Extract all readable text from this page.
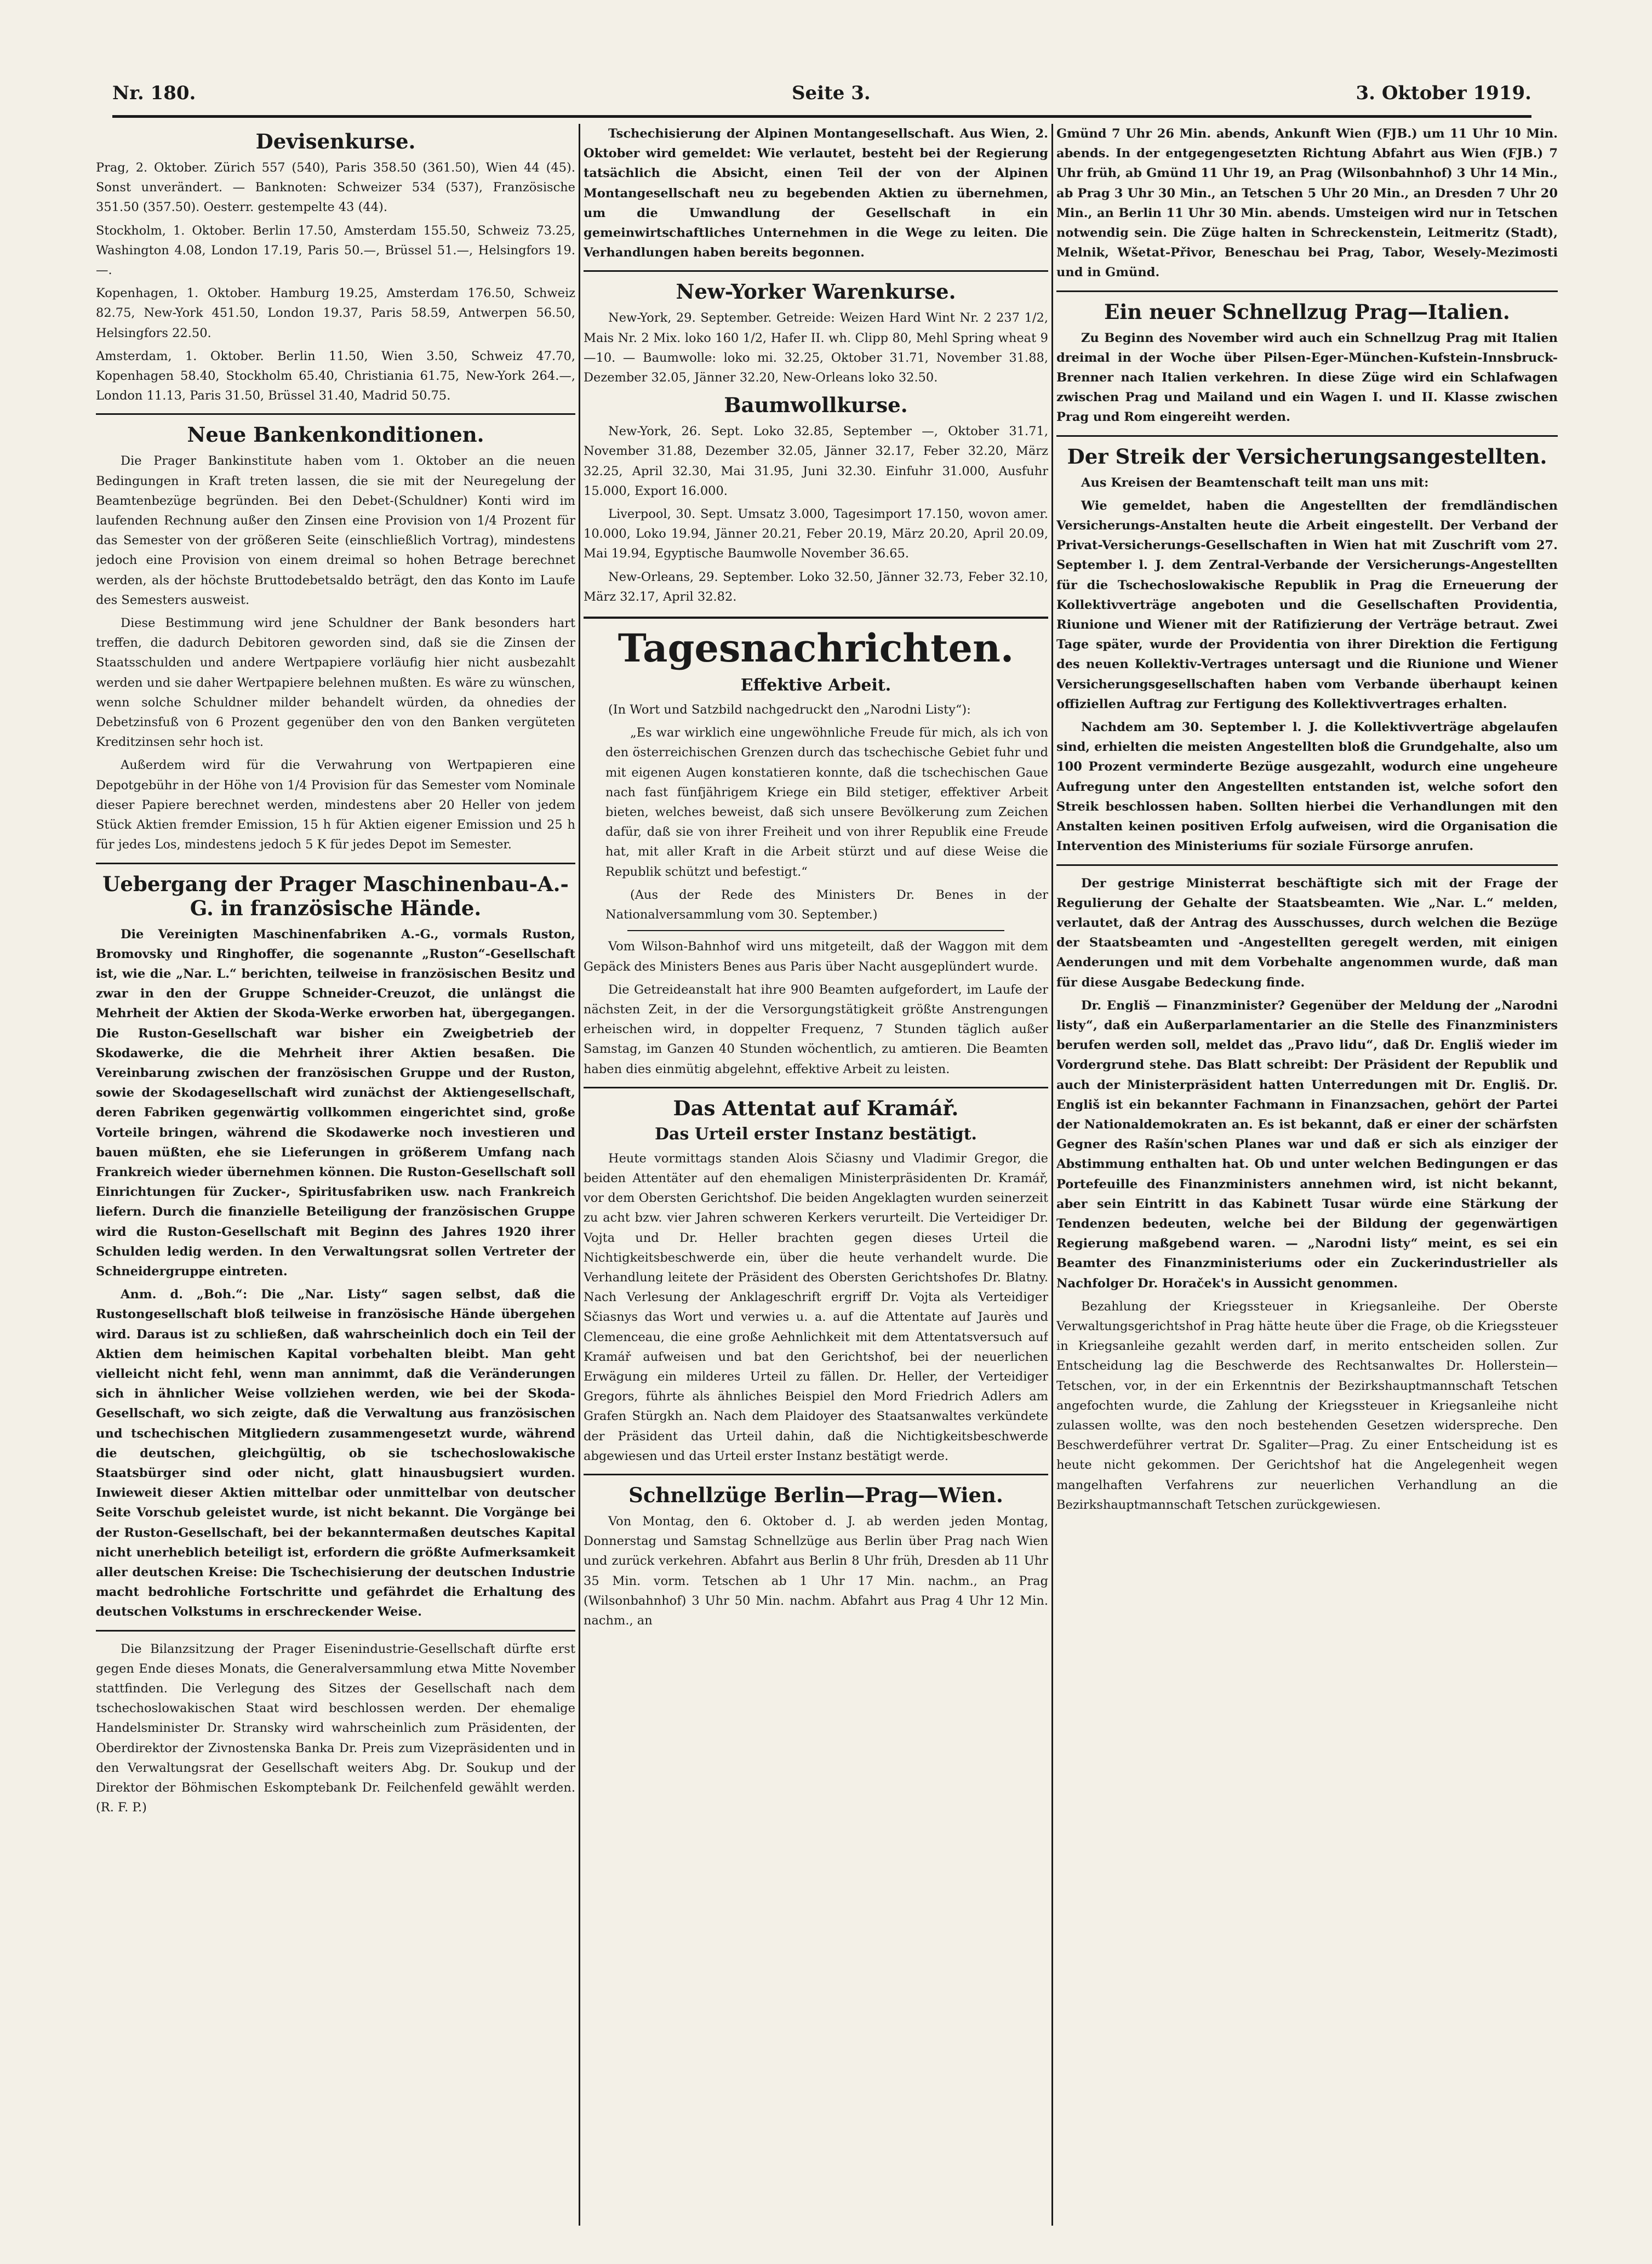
Nr. 180.	Seite 3.	3. Oktober 1919.
Devisenkurse.

Prag, 2. Oktober. Zürich 557 (540), Paris 358.50 (361.50), Wien 44 (45). Sonst unverändert. — Banknoten: Schweizer 534 (537), Französische 351.50 (357.50). Oesterr. gestempelte 43 (44).

Stockholm, 1. Oktober. Berlin 17.50, Amsterdam 155.50, Schweiz 73.25, Washington 4.08, London 17.19, Paris 50.—, Brüssel 51.—, Helsingfors 19.—.

Kopenhagen, 1. Oktober. Hamburg 19.25, Amsterdam 176.50, Schweiz 82.75, New-York 451.50, London 19.37, Paris 58.59, Antwerpen 56.50, Helsingfors 22.50.

Amsterdam, 1. Oktober. Berlin 11.50, Wien 3.50, Schweiz 47.70, Kopenhagen 58.40, Stockholm 65.40, Christiania 61.75, New-York 264.—, London 11.13, Paris 31.50, Brüssel 31.40, Madrid 50.75.

Neue Bankenkonditionen.

Die Prager Bankinstitute haben vom 1. Oktober an die neuen Bedingungen in Kraft treten lassen, die sie mit der Neuregelung der Beamtenbezüge begründen. Bei den Debet-(Schuldner) Konti wird im laufenden Rechnung außer den Zinsen eine Provision von 1/4 Prozent für das Semester von der größeren Seite (einschließlich Vortrag), mindestens jedoch eine Provision von einem dreimal so hohen Betrage berechnet werden, als der höchste Bruttodebetsaldo beträgt, den das Konto im Laufe des Semesters ausweist.

Diese Bestimmung wird jene Schuldner der Bank besonders hart treffen, die dadurch Debitoren geworden sind, daß sie die Zinsen der Staatsschulden und andere Wertpapiere vorläufig hier nicht ausbezahlt werden und sie daher Wertpapiere belehnen mußten. Es wäre zu wünschen, wenn solche Schuldner milder behandelt würden, da ohnedies der Debetzinsfuß von 6 Prozent gegenüber den von den Banken vergüteten Kreditzinsen sehr hoch ist.

Außerdem wird für die Verwahrung von Wertpapieren eine Depotgebühr in der Höhe von 1/4 Provision für das Semester vom Nominale dieser Papiere berechnet werden, mindestens aber 20 Heller von jedem Stück Aktien fremder Emission, 15 h für Aktien eigener Emission und 25 h für jedes Los, mindestens jedoch 5 K für jedes Depot im Semester.

Uebergang der Prager Maschinenbau-A.-G. in französische Hände.

Die Vereinigten Maschinenfabriken A.-G., vormals Ruston, Bromovsky und Ringhoffer, die sogenannte „Ruston“-Gesellschaft ist, wie die „Nar. L.“ berichten, teilweise in französischen Besitz und zwar in den der Gruppe Schneider-Creuzot, die unlängst die Mehrheit der Aktien der Skoda-Werke erworben hat, übergegangen. Die Ruston-Gesellschaft war bisher ein Zweigbetrieb der Skodawerke, die die Mehrheit ihrer Aktien besaßen. Die Vereinbarung zwischen der französischen Gruppe und der Ruston, sowie der Skodagesellschaft wird zunächst der Aktiengesellschaft, deren Fabriken gegenwärtig vollkommen eingerichtet sind, große Vorteile bringen, während die Skodawerke noch investieren und bauen müßten, ehe sie Lieferungen in größerem Umfang nach Frankreich wieder übernehmen können. Die Ruston-Gesellschaft soll Einrichtungen für Zucker-, Spiritusfabriken usw. nach Frankreich liefern. Durch die finanzielle Beteiligung der französischen Gruppe wird die Ruston-Gesellschaft mit Beginn des Jahres 1920 ihrer Schulden ledig werden. In den Verwaltungsrat sollen Vertreter der Schneidergruppe eintreten.

Anm. d. „Boh.“: Die „Nar. Listy“ sagen selbst, daß die Rustongesellschaft bloß teilweise in französische Hände übergehen wird. Daraus ist zu schließen, daß wahrscheinlich doch ein Teil der Aktien dem heimischen Kapital vorbehalten bleibt. Man geht vielleicht nicht fehl, wenn man annimmt, daß die Veränderungen sich in ähnlicher Weise vollziehen werden, wie bei der Skoda-Gesellschaft, wo sich zeigte, daß die Verwaltung aus französischen und tschechischen Mitgliedern zusammengesetzt wurde, während die deutschen, gleichgültig, ob sie tschechoslowakische Staatsbürger sind oder nicht, glatt hinausbugsiert wurden. Inwieweit dieser Aktien mittelbar oder unmittelbar von deutscher Seite Vorschub geleistet wurde, ist nicht bekannt. Die Vorgänge bei der Ruston-Gesellschaft, bei der bekanntermaßen deutsches Kapital nicht unerheblich beteiligt ist, erfordern die größte Aufmerksamkeit aller deutschen Kreise: Die Tschechisierung der deutschen Industrie macht bedrohliche Fortschritte und gefährdet die Erhaltung des deutschen Volkstums in erschreckender Weise.

Die Bilanzsitzung der Prager Eisenindustrie-Gesellschaft dürfte erst gegen Ende dieses Monats, die Generalversammlung etwa Mitte November stattfinden. Die Verlegung des Sitzes der Gesellschaft nach dem tschechoslowakischen Staat wird beschlossen werden. Der ehemalige Handelsminister Dr. Stransky wird wahrscheinlich zum Präsidenten, der Oberdirektor der Zivnostenska Banka Dr. Preis zum Vizepräsidenten und in den Verwaltungsrat der Gesellschaft weiters Abg. Dr. Soukup und der Direktor der Böhmischen Eskomptebank Dr. Feilchenfeld gewählt werden. (R. F. P.)

Tschechisierung der Alpinen Montangesellschaft. Aus Wien, 2. Oktober wird gemeldet: Wie verlautet, besteht bei der Regierung tatsächlich die Absicht, einen Teil der von der Alpinen Montangesellschaft neu zu begebenden Aktien zu übernehmen, um die Umwandlung der Gesellschaft in ein gemeinwirtschaftliches Unternehmen in die Wege zu leiten. Die Verhandlungen haben bereits begonnen.

New-Yorker Warenkurse.

New-York, 29. September. Getreide: Weizen Hard Wint Nr. 2 237 1/2, Mais Nr. 2 Mix. loko 160 1/2, Hafer II. wh. Clipp 80, Mehl Spring wheat 9—10. — Baumwolle: loko mi. 32.25, Oktober 31.71, November 31.88, Dezember 32.05, Jänner 32.20, New-Orleans loko 32.50.

Baumwollkurse.

New-York, 26. Sept. Loko 32.85, September —, Oktober 31.71, November 31.88, Dezember 32.05, Jänner 32.17, Feber 32.20, März 32.25, April 32.30, Mai 31.95, Juni 32.30. Einfuhr 31.000, Ausfuhr 15.000, Export 16.000.

Liverpool, 30. Sept. Umsatz 3.000, Tagesimport 17.150, wovon amer. 10.000, Loko 19.94, Jänner 20.21, Feber 20.19, März 20.20, April 20.09, Mai 19.94, Egyptische Baumwolle November 36.65.

New-Orleans, 29. September. Loko 32.50, Jänner 32.73, Feber 32.10, März 32.17, April 32.82.

Tagesnachrichten.
Effektive Arbeit.

(In Wort und Satzbild nachgedruckt den „Narodni Listy“):

„Es war wirklich eine ungewöhnliche Freude für mich, als ich von den österreichischen Grenzen durch das tschechische Gebiet fuhr und mit eigenen Augen konstatieren konnte, daß die tschechischen Gaue nach fast fünfjährigem Kriege ein Bild stetiger, effektiver Arbeit bieten, welches beweist, daß sich unsere Bevölkerung zum Zeichen dafür, daß sie von ihrer Freiheit und von ihrer Republik eine Freude hat, mit aller Kraft in die Arbeit stürzt und auf diese Weise die Republik schützt und befestigt.“

(Aus der Rede des Ministers Dr. Benes in der Nationalversammlung vom 30. September.)

Vom Wilson-Bahnhof wird uns mitgeteilt, daß der Waggon mit dem Gepäck des Ministers Benes aus Paris über Nacht ausgeplündert wurde.

Die Getreideanstalt hat ihre 900 Beamten aufgefordert, im Laufe der nächsten Zeit, in der die Versorgungstätigkeit größte Anstrengungen erheischen wird, in doppelter Frequenz, 7 Stunden täglich außer Samstag, im Ganzen 40 Stunden wöchentlich, zu amtieren. Die Beamten haben dies einmütig abgelehnt, effektive Arbeit zu leisten.

Das Attentat auf Kramář.
Das Urteil erster Instanz bestätigt.

Heute vormittags standen Alois Sčiasny und Vladimir Gregor, die beiden Attentäter auf den ehemaligen Ministerpräsidenten Dr. Kramář, vor dem Obersten Gerichtshof. Die beiden Angeklagten wurden seinerzeit zu acht bzw. vier Jahren schweren Kerkers verurteilt. Die Verteidiger Dr. Vojta und Dr. Heller brachten gegen dieses Urteil die Nichtigkeitsbeschwerde ein, über die heute verhandelt wurde. Die Verhandlung leitete der Präsident des Obersten Gerichtshofes Dr. Blatny. Nach Verlesung der Anklageschrift ergriff Dr. Vojta als Verteidiger Sčiasnys das Wort und verwies u. a. auf die Attentate auf Jaurès und Clemenceau, die eine große Aehnlichkeit mit dem Attentatsversuch auf Kramář aufweisen und bat den Gerichtshof, bei der neuerlichen Erwägung ein milderes Urteil zu fällen. Dr. Heller, der Verteidiger Gregors, führte als ähnliches Beispiel den Mord Friedrich Adlers am Grafen Stürgkh an. Nach dem Plaidoyer des Staatsanwaltes verkündete der Präsident das Urteil dahin, daß die Nichtigkeitsbeschwerde abgewiesen und das Urteil erster Instanz bestätigt werde.

Schnellzüge Berlin—Prag—Wien.

Von Montag, den 6. Oktober d. J. ab werden jeden Montag, Donnerstag und Samstag Schnellzüge aus Berlin über Prag nach Wien und zurück verkehren. Abfahrt aus Berlin 8 Uhr früh, Dresden ab 11 Uhr 35 Min. vorm. Tetschen ab 1 Uhr 17 Min. nachm., an Prag (Wilsonbahnhof) 3 Uhr 50 Min. nachm. Abfahrt aus Prag 4 Uhr 12 Min. nachm., an

Gmünd 7 Uhr 26 Min. abends, Ankunft Wien (FJB.) um 11 Uhr 10 Min. abends. In der entgegengesetzten Richtung Abfahrt aus Wien (FJB.) 7 Uhr früh, ab Gmünd 11 Uhr 19, an Prag (Wilsonbahnhof) 3 Uhr 14 Min., ab Prag 3 Uhr 30 Min., an Tetschen 5 Uhr 20 Min., an Dresden 7 Uhr 20 Min., an Berlin 11 Uhr 30 Min. abends. Umsteigen wird nur in Tetschen notwendig sein. Die Züge halten in Schreckenstein, Leitmeritz (Stadt), Melnik, Wšetat-Přivor, Beneschau bei Prag, Tabor, Wesely-Mezimosti und in Gmünd.

Ein neuer Schnellzug Prag—Italien.

Zu Beginn des November wird auch ein Schnellzug Prag mit Italien dreimal in der Woche über Pilsen-Eger-München-Kufstein-Innsbruck-Brenner nach Italien verkehren. In diese Züge wird ein Schlafwagen zwischen Prag und Mailand und ein Wagen I. und II. Klasse zwischen Prag und Rom eingereiht werden.

Der Streik der Versicherungsangestellten.

Aus Kreisen der Beamtenschaft teilt man uns mit:

Wie gemeldet, haben die Angestellten der fremdländischen Versicherungs-Anstalten heute die Arbeit eingestellt. Der Verband der Privat-Versicherungs-Gesellschaften in Wien hat mit Zuschrift vom 27. September l. J. dem Zentral-Verbande der Versicherungs-Angestellten für die Tschechoslowakische Republik in Prag die Erneuerung der Kollektivverträge angeboten und die Gesellschaften Providentia, Riunione und Wiener mit der Ratifizierung der Verträge betraut. Zwei Tage später, wurde der Providentia von ihrer Direktion die Fertigung des neuen Kollektiv-Vertrages untersagt und die Riunione und Wiener Versicherungsgesellschaften haben vom Verbande überhaupt keinen offiziellen Auftrag zur Fertigung des Kollektivvertrages erhalten.

Nachdem am 30. September l. J. die Kollektivverträge abgelaufen sind, erhielten die meisten Angestellten bloß die Grundgehalte, also um 100 Prozent verminderte Bezüge ausgezahlt, wodurch eine ungeheure Aufregung unter den Angestellten entstanden ist, welche sofort den Streik beschlossen haben. Sollten hierbei die Verhandlungen mit den Anstalten keinen positiven Erfolg aufweisen, wird die Organisation die Intervention des Ministeriums für soziale Fürsorge anrufen.

Der gestrige Ministerrat beschäftigte sich mit der Frage der Regulierung der Gehalte der Staatsbeamten. Wie „Nar. L.“ melden, verlautet, daß der Antrag des Ausschusses, durch welchen die Bezüge der Staatsbeamten und -Angestellten geregelt werden, mit einigen Aenderungen und mit dem Vorbehalte angenommen wurde, daß man für diese Ausgabe Bedeckung finde.

Dr. Engliš — Finanzminister? Gegenüber der Meldung der „Narodni listy“, daß ein Außerparlamentarier an die Stelle des Finanzministers berufen werden soll, meldet das „Pravo lidu“, daß Dr. Engliš wieder im Vordergrund stehe. Das Blatt schreibt: Der Präsident der Republik und auch der Ministerpräsident hatten Unterredungen mit Dr. Engliš. Dr. Engliš ist ein bekannter Fachmann in Finanzsachen, gehört der Partei der Nationaldemokraten an. Es ist bekannt, daß er einer der schärfsten Gegner des Rašín'schen Planes war und daß er sich als einziger der Abstimmung enthalten hat. Ob und unter welchen Bedingungen er das Portefeuille des Finanzministers annehmen wird, ist nicht bekannt, aber sein Eintritt in das Kabinett Tusar würde eine Stärkung der Tendenzen bedeuten, welche bei der Bildung der gegenwärtigen Regierung maßgebend waren. — „Narodni listy“ meint, es sei ein Beamter des Finanzministeriums oder ein Zuckerindustrieller als Nachfolger Dr. Horaček's in Aussicht genommen.

Bezahlung der Kriegssteuer in Kriegsanleihe. Der Oberste Verwaltungsgerichtshof in Prag hätte heute über die Frage, ob die Kriegssteuer in Kriegsanleihe gezahlt werden darf, in merito entscheiden sollen. Zur Entscheidung lag die Beschwerde des Rechtsanwaltes Dr. Hollerstein—Tetschen, vor, in der ein Erkenntnis der Bezirkshauptmannschaft Tetschen angefochten wurde, die Zahlung der Kriegssteuer in Kriegsanleihe nicht zulassen wollte, was den noch bestehenden Gesetzen widerspreche. Den Beschwerdeführer vertrat Dr. Sgaliter—Prag. Zu einer Entscheidung ist es heute nicht gekommen. Der Gerichtshof hat die Angelegenheit wegen mangelhaften Verfahrens zur neuerlichen Verhandlung an die Bezirkshauptmannschaft Tetschen zurückgewiesen.
